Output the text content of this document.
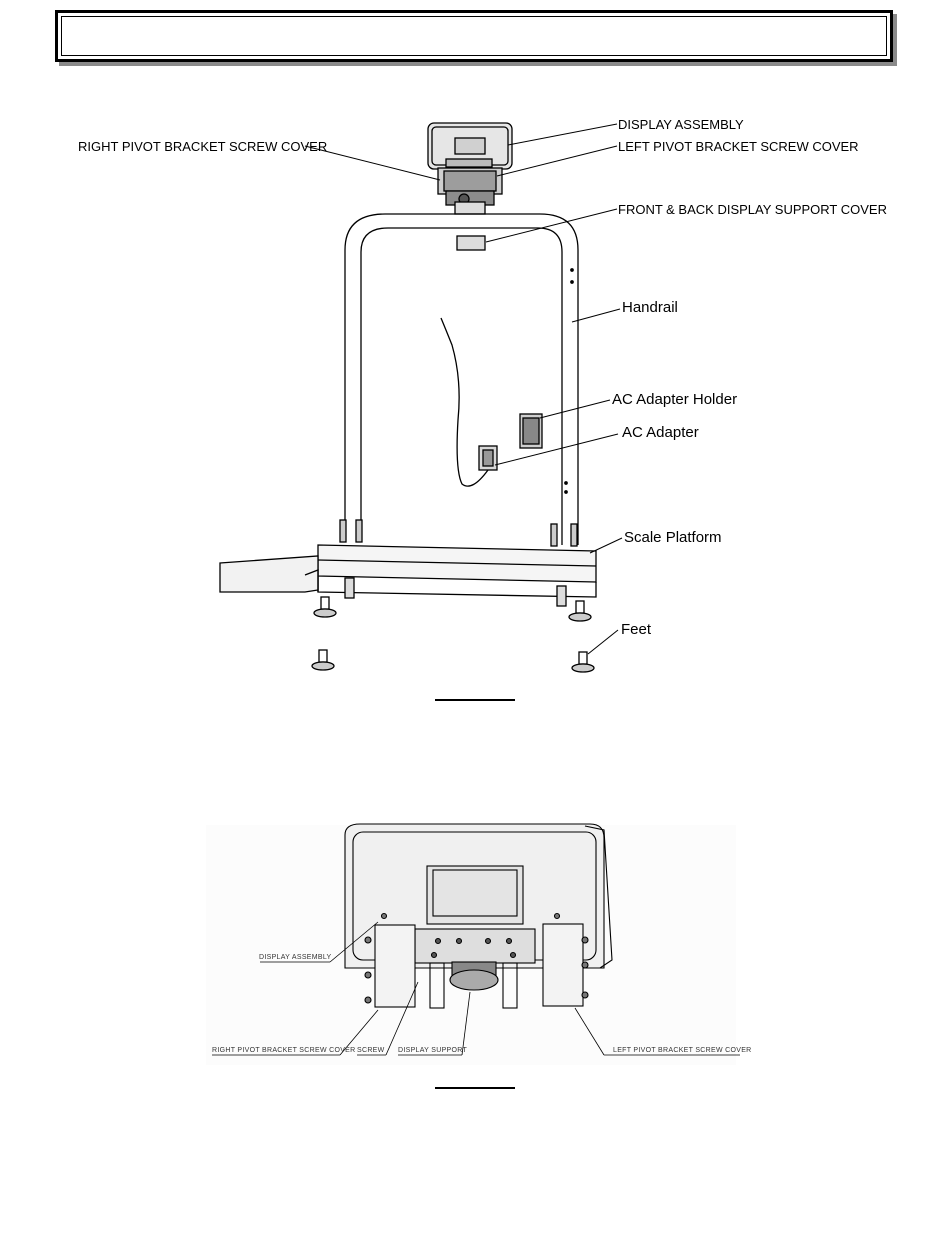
DISPLAY ASSEMBLY
RIGHT PIVOT BRACKET SCREW COVER	LEFT PIVOT BRACKET SCREW COVER
FRONT & BACK DISPLAY SUPPORT COVER
Handrail
AC Adapter Holder
AC Adapter
Scale Platform
Feet
DISPLAY ASSEMBLY
RIGHT PIVOT BRACKET SCREW COVER SCREW DISPLAY SUPPORT	LEFT PIVOT BRACKET SCREW COVER
